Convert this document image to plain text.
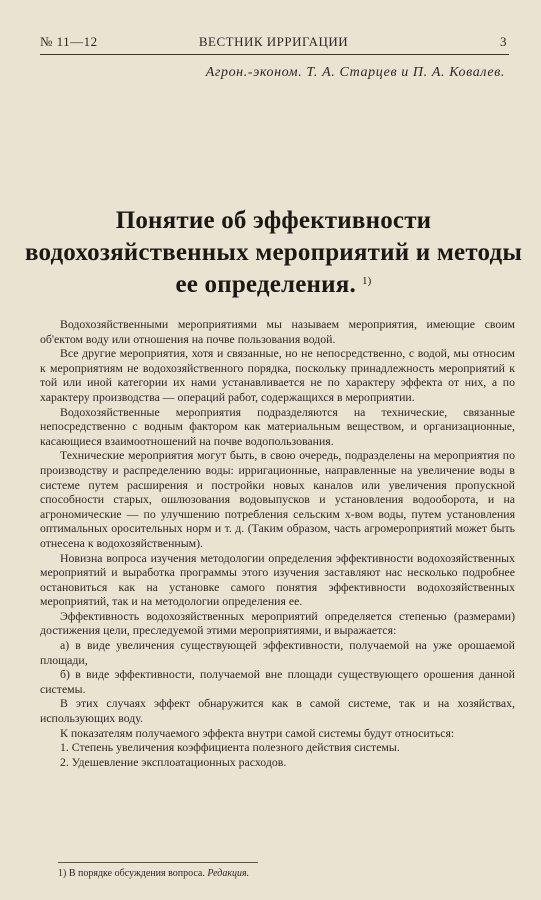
№ 11—12	ВЕСТНИК ИРРИГАЦИИ	3
Агрон.-эконом. Т. А. Старцев и П. А. Ковалев.
Понятие об эффективности водохозяйственных мероприятий и методы ее определения. $^{1)}$

Водохозяйственными мероприятиями мы называем мероприятия, имеющие своим об'ектом воду или отношения на почве пользования водой.

Все другие мероприятия, хотя и связанные, но не непосредственно, с водой, мы относим к мероприятиям не водохозяйственного порядка, поскольку принадлежность мероприятий к той или иной категории их нами устанавливается не по характеру эффекта от них, а по характеру производства — операций работ, содержащихся в мероприятии.

Водохозяйственные мероприятия подразделяются на технические, связанные непосредственно с водным фактором как материальным веществом, и организационные, касающиеся взаимоотношений на почве водопользования.

Технические мероприятия могут быть, в свою очередь, подразделены на мероприятия по производству и распределению воды: ирригационные, направленные на увеличение воды в системе путем расширения и постройки новых каналов или увеличения пропускной способности старых, ошлюзования водовыпусков и установления водооборота, и на агрономические — по улучшению потребления сельским х-вом воды, путем установления оптимальных оросительных норм и т. д. (Таким образом, часть агромероприятий может быть отнесена к водохозяйственным).

Новизна вопроса изучения методологии определения эффективности водохозяйственных мероприятий и выработка программы этого изучения заставляют нас несколько подробнее остановиться как на установке самого понятия эффективности водохозяйственных мероприятий, так и на методологии определения ее.

Эффективность водохозяйственных мероприятий определяется степенью (размерами) достижения цели, преследуемой этими мероприятиями, и выражается:

а) в виде увеличения существующей эффективности, получаемой на уже орошаемой площади,

б) в виде эффективности, получаемой вне площади существующего орошения данной системы.

В этих случаях эффект обнаружится как в самой системе, так и на хозяйствах, использующих воду.

К показателям получаемого эффекта внутри самой системы будут относиться:

1. Степень увеличения коэффициента полезного действия системы.

2. Удешевление эксплоатационных расходов.

1) В порядке обсуждения вопроса. Редакция.
